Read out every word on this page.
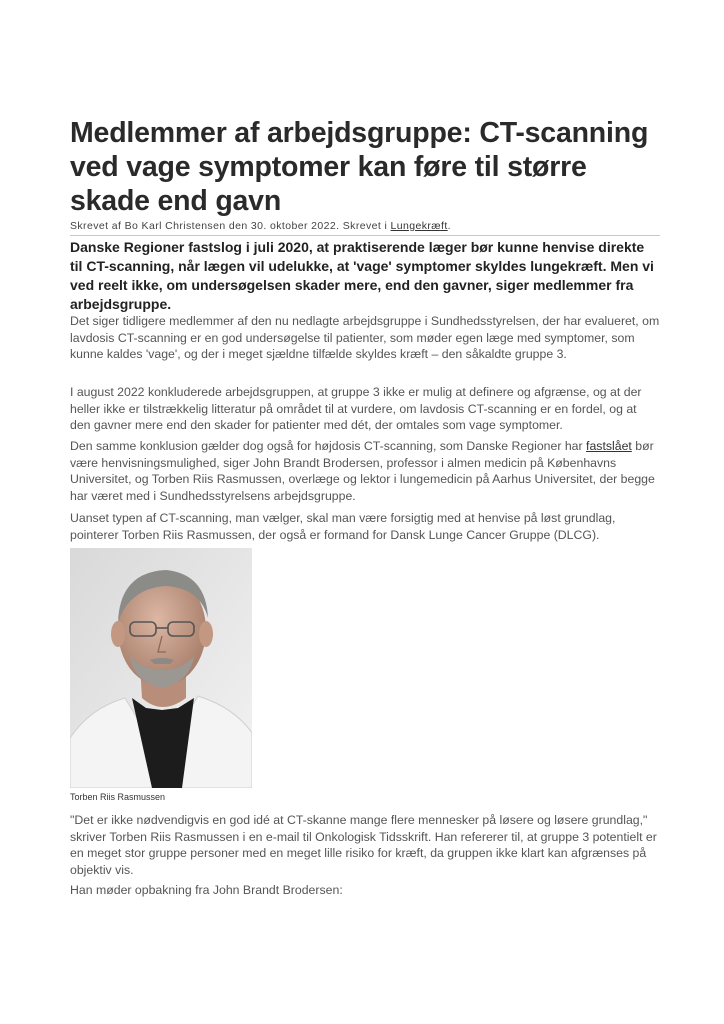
Medlemmer af arbejdsgruppe: CT-scanning ved vage symptomer kan føre til større skade end gavn
Skrevet af Bo Karl Christensen den 30. oktober 2022. Skrevet i Lungekræft.
Danske Regioner fastslog i juli 2020, at praktiserende læger bør kunne henvise direkte til CT-scanning, når lægen vil udelukke, at 'vage' symptomer skyldes lungekræft. Men vi ved reelt ikke, om undersøgelsen skader mere, end den gavner, siger medlemmer fra arbejdsgruppe.
Det siger tidligere medlemmer af den nu nedlagte arbejdsgruppe i Sundhedsstyrelsen, der har evalueret, om lavdosis CT-scanning er en god undersøgelse til patienter, som møder egen læge med symptomer, som kunne kaldes 'vage', og der i meget sjældne tilfælde skyldes kræft – den såkaldte gruppe 3.
I august 2022 konkluderede arbejdsgruppen, at gruppe 3 ikke er mulig at definere og afgrænse, og at der heller ikke er tilstrækkelig litteratur på området til at vurdere, om lavdosis CT-scanning er en fordel, og at den gavner mere end den skader for patienter med dét, der omtales som vage symptomer.
Den samme konklusion gælder dog også for højdosis CT-scanning, som Danske Regioner har fastslået bør være henvisningsmulighed, siger John Brandt Brodersen, professor i almen medicin på Københavns Universitet, og Torben Riis Rasmussen, overlæge og lektor i lungemedicin på Aarhus Universitet, der begge har været med i Sundhedsstyrelsens arbejdsgruppe.
Uanset typen af CT-scanning, man vælger, skal man være forsigtig med at henvise på løst grundlag, pointerer Torben Riis Rasmussen, der også er formand for Dansk Lunge Cancer Gruppe (DLCG).
Torben Riis Rasmussen
"Det er ikke nødvendigvis en god idé at CT-skanne mange flere mennesker på løsere og løsere grundlag," skriver Torben Riis Rasmussen i en e-mail til Onkologisk Tidsskrift. Han refererer til, at gruppe 3 potentielt er en meget stor gruppe personer med en meget lille risiko for kræft, da gruppen ikke klart kan afgrænses på objektiv vis.
Han møder opbakning fra John Brandt Brodersen:
